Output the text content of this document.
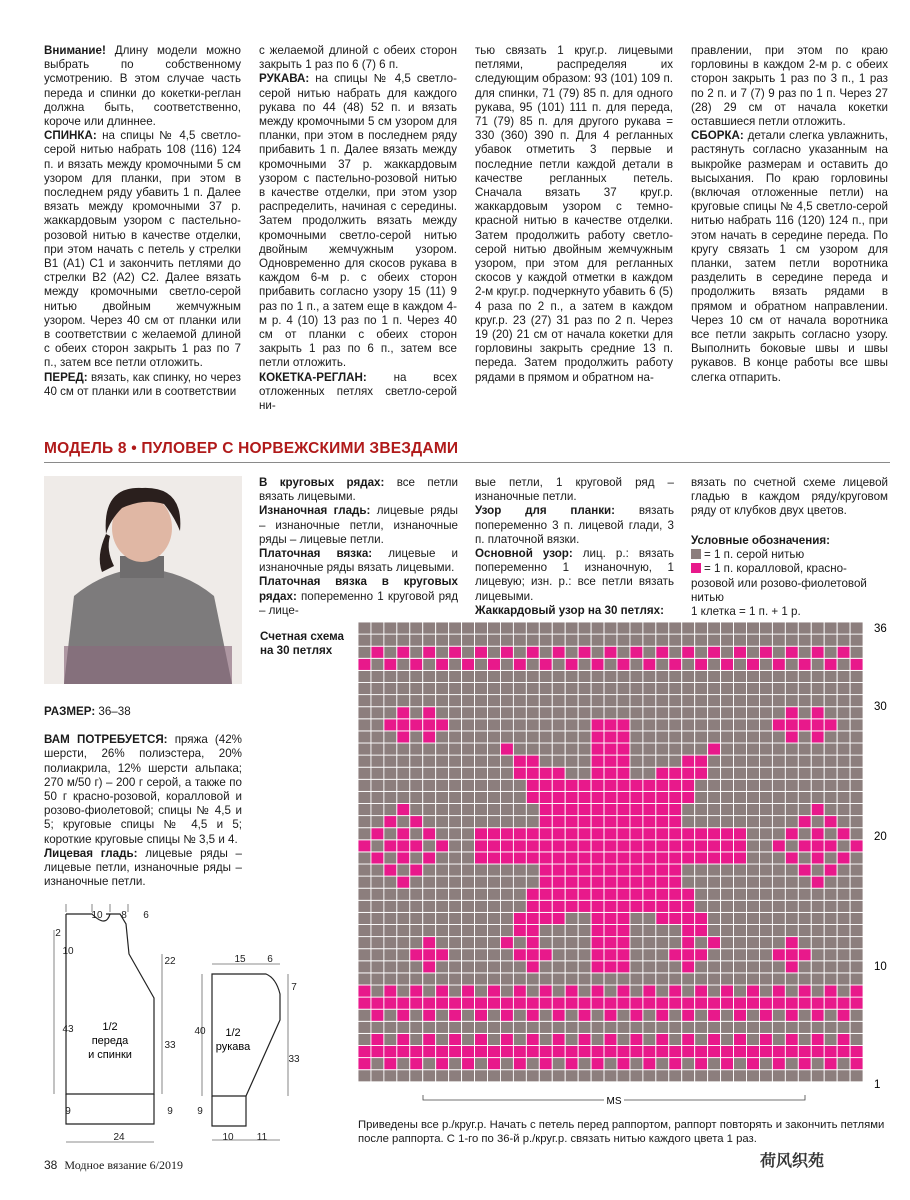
Внимание! Длину модели можно выбрать по собственному усмотрению. В этом случае часть переда и спинки до кокетки-реглан должна быть, соответственно, короче или длиннее.

СПИНКА: на спицы № 4,5 светло-серой нитью набрать 108 (116) 124 п. и вязать между кромочными 5 см узором для планки, при этом в последнем ряду убавить 1 п. Далее вязать между кромочными 37 р. жаккардовым узором с пастельно-розовой нитью в качестве отделки, при этом начать с петель у стрелки B1 (A1) C1 и закончить петлями до стрелки B2 (A2) C2. Далее вязать между кромочными светло-серой нитью двойным жемчужным узором. Через 40 см от планки или в соответствии с желаемой длиной с обеих сторон закрыть 1 раз по 7 п., затем все петли отложить.

ПЕРЕД: вязать, как спинку, но через 40 см от планки или в соответствии

с желаемой длиной с обеих сторон закрыть 1 раз по 6 (7) 6 п.

РУКАВА: на спицы № 4,5 светло-серой нитью набрать для каждого рукава по 44 (48) 52 п. и вязать между кромочными 5 см узором для планки, при этом в последнем ряду прибавить 1 п. Далее вязать между кромочными 37 р. жаккардовым узором с пастельно-розовой нитью в качестве отделки, при этом узор распределить, начиная с середины. Затем продолжить вязать между кромочными светло-серой нитью двойным жемчужным узором. Одновременно для скосов рукава в каждом 6-м р. с обеих сторон прибавить согласно узору 15 (11) 9 раз по 1 п., а затем еще в каждом 4-м р. 4 (10) 13 раз по 1 п. Через 40 см от планки с обеих сторон закрыть 1 раз по 6 п., затем все петли отложить.

КОКЕТКА-РЕГЛАН: на всех отложенных петлях светло-серой ни-

тью связать 1 круг.р. лицевыми петлями, распределяя их следующим образом: 93 (101) 109 п. для спинки, 71 (79) 85 п. для одного рукава, 95 (101) 111 п. для переда, 71 (79) 85 п. для другого рукава = 330 (360) 390 п. Для 4 регланных убавок отметить 3 первые и последние петли каждой детали в качестве регланных петель. Сначала вязать 37 круг.р. жаккардовым узором с темно-красной нитью в качестве отделки. Затем продолжить работу светло-серой нитью двойным жемчужным узором, при этом для регланных скосов у каждой отметки в каждом 2-м круг.р. подчеркнуто убавить 6 (5) 4 раза по 2 п., а затем в каждом круг.р. 23 (27) 31 раз по 2 п. Через 19 (20) 21 см от начала кокетки для горловины закрыть средние 13 п. переда. Затем продолжить работу рядами в прямом и обратном на-

правлении, при этом по краю горловины в каждом 2-м р. с обеих сторон закрыть 1 раз по 3 п., 1 раз по 2 п. и 7 (7) 9 раз по 1 п. Через 27 (28) 29 см от начала кокетки оставшиеся петли отложить.

СБОРКА: детали слегка увлажнить, растянуть согласно указанным на выкройке размерам и оставить до высыхания. По краю горловины (включая отложенные петли) на круговые спицы № 4,5 светло-серой нитью набрать 116 (120) 124 п., при этом начать в середине переда. По кругу связать 1 см узором для планки, затем петли воротника разделить в середине переда и продолжить вязать рядами в прямом и обратном направлении. Через 10 см от начала воротника все петли закрыть согласно узору. Выполнить боковые швы и швы рукавов. В конце работы все швы слегка отпарить.

МОДЕЛЬ 8 • ПУЛОВЕР С НОРВЕЖСКИМИ ЗВЕЗДАМИ

РАЗМЕР: 36–38

ВАМ ПОТРЕБУЕТСЯ: пряжа (42% шерсти, 26% полиэстера, 20% полиакрила, 12% шерсти альпака; 270 м/50 г) – 200 г серой, а также по 50 г красно-розовой, коралловой и розово-фиолетовой; спицы № 4,5 и 5; круговые спицы № 4,5 и 5; короткие круговые спицы № 3,5 и 4.

Лицевая гладь: лицевые ряды – лицевые петли, изнаночные ряды – изнаночные петли.

В круговых рядах: все петли вязать лицевыми.

Изнаночная гладь: лицевые ряды – изнаночные петли, изнаночные ряды – лицевые петли.

Платочная вязка: лицевые и изнаночные ряды вязать лицевыми.

Платочная вязка в круговых рядах: попеременно 1 круговой ряд – лице-

вые петли, 1 круговой ряд – изнаночные петли.

Узор для планки: вязать попеременно 3 п. лицевой глади, 3 п. платочной вязки.

Основной узор: лиц. р.: вязать попеременно 1 изнаночную, 1 лицевую; изн. р.: все петли вязать лицевыми.

Жаккардовый узор на 30 петлях:

вязать по счетной схеме лицевой гладью в каждом ряду/круговом ряду от клубков двух цветов.

Условные обозначения:

= 1 п. серой нитью

= 1 п. коралловой, красно-розовой или розово-фиолетовой нитью

1 клетка = 1 п. + 1 р.

Счетная схема на 30 петлях
36
30
20
10
1
MS
10 8 6
2
10
22
43
33
9	9
24
1/2
переда
и спинки
15 6
7
40
33
9
10 11
1/2
рукава
Приведены все р./круг.р. Начать с петель перед раппортом, раппорт повторять и закончить петлями после раппорта. С 1-го по 36-й р./круг.р. связать нитью каждого цвета 1 раз.
38 Модное вязание 6/2019	荷风织苑
